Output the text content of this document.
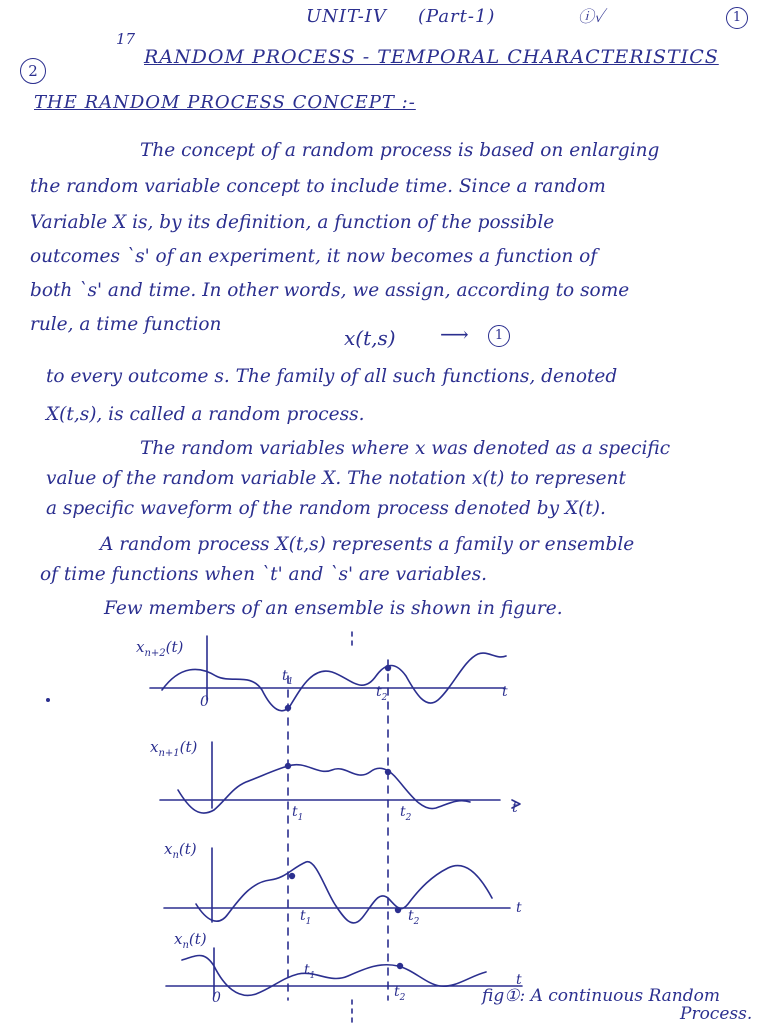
UNIT-IV (Part-1)	ⓘ✓	1
2
17
RANDOM PROCESS - TEMPORAL CHARACTERISTICS
THE RANDOM PROCESS CONCEPT :-
The concept of a random process is based on enlarging
the random variable concept to include time. Since a random
Variable X is, by its definition, a function of the possible
outcomes `s' of an experiment, it now becomes a function of
both `s' and time. In other words, we assign, according to some
rule, a time function
x(t,s) ⟶	1
to every outcome s. The family of all such functions, denoted
X(t,s), is called a random process.
The random variables where x was denoted as a specific
value of the random variable X. The notation x(t) to represent
a specific waveform of the random process denoted by X(t).
A random process X(t,s) represents a family or ensemble
of time functions when `t' and `s' are variables.
Few members of an ensemble is shown in figure.
$x_{n+2}(t)$
0
$t_1$
$t_2$	t
$x_{n+1}(t)$
$t_1$	$t_2$
t
$x_n(t)$
$t_1$	$t_2$
t
$x_n(t)$
0
$t_1$
$t_2$
t
fig①: A continuous Random
Process.
